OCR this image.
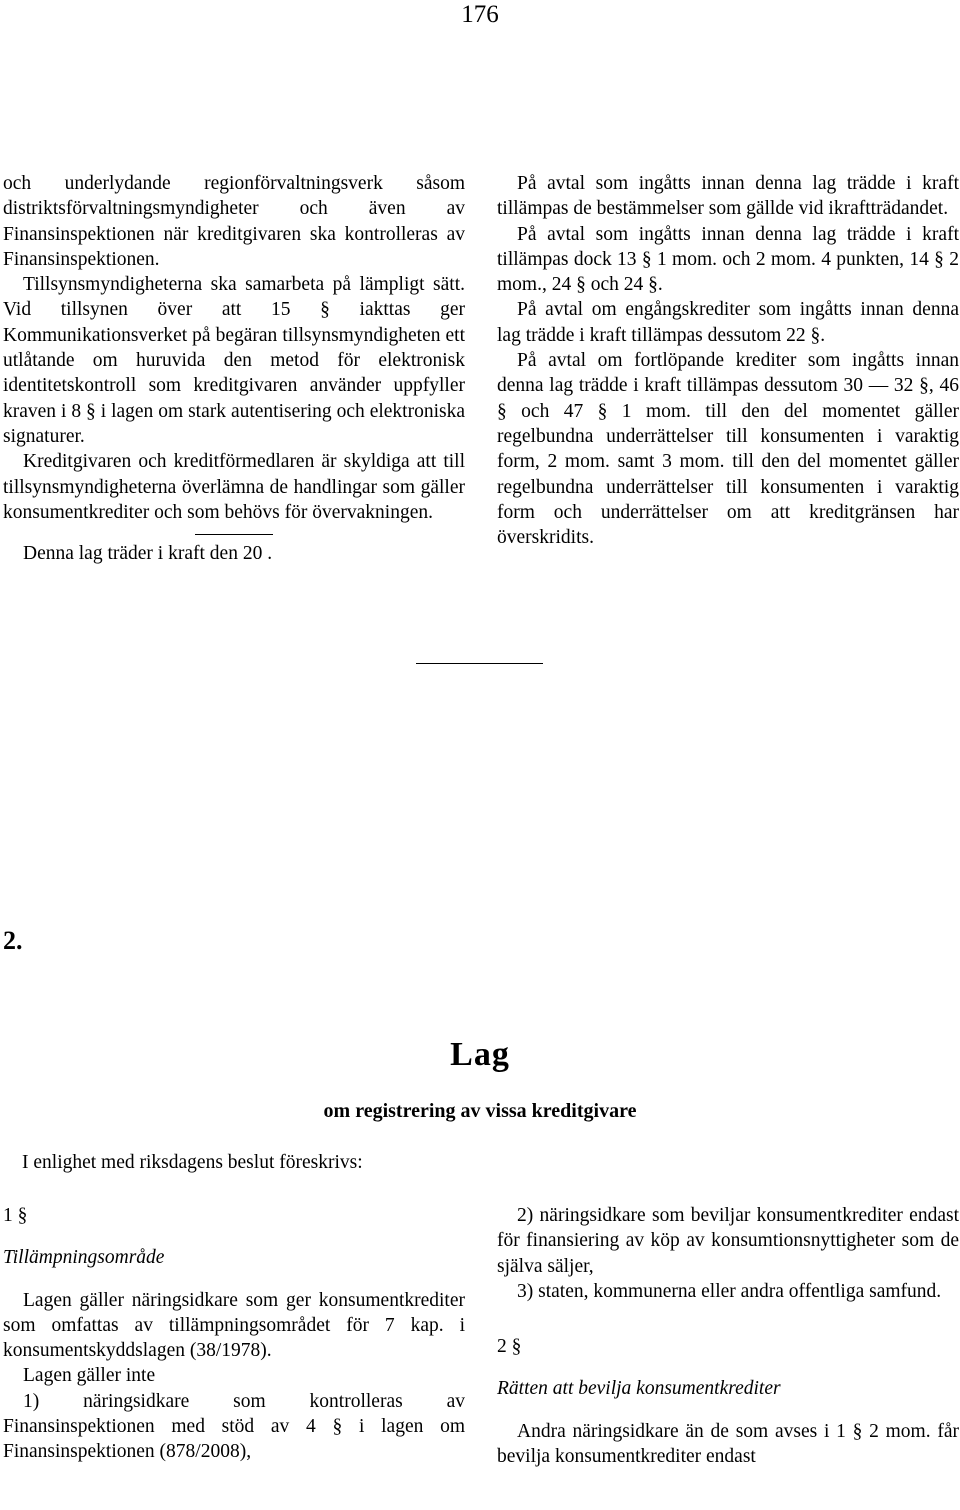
176

och underlydande regionförvaltningsverk såsom distriktsförvaltningsmyndigheter och även av Finansinspektionen när kreditgivaren ska kontrolleras av Finansinspektionen.

Tillsynsmyndigheterna ska samarbeta på lämpligt sätt. Vid tillsynen över att 15 § iakttas ger Kommunikationsverket på begäran tillsynsmyndigheten ett utlåtande om huruvida den metod för elektronisk identitetskontroll som kreditgivaren använder uppfyller kraven i 8 § i lagen om stark autentisering och elektroniska signaturer.

Kreditgivaren och kreditförmedlaren är skyldiga att till tillsynsmyndigheterna överlämna de handlingar som gäller konsumentkrediter och som behövs för övervakningen.

Denna lag träder i kraft den 20 .

På avtal som ingåtts innan denna lag trädde i kraft tillämpas de bestämmelser som gällde vid ikraftträdandet.

På avtal som ingåtts innan denna lag trädde i kraft tillämpas dock 13 § 1 mom. och 2 mom. 4 punkten, 14 § 2 mom., 24 § och 24 §.

På avtal om engångskrediter som ingåtts innan denna lag trädde i kraft tillämpas dessutom 22 §.

På avtal om fortlöpande krediter som ingåtts innan denna lag trädde i kraft tillämpas dessutom 30 — 32 §, 46 § och 47 § 1 mom. till den del momentet gäller regelbundna underrättelser till konsumenten i varaktig form, 2 mom. samt 3 mom. till den del momentet gäller regelbundna underrättelser till konsumenten i varaktig form och underrättelser om att kreditgränsen har överskridits.

2.
Lag
om registrering av vissa kreditgivare
I enlighet med riksdagens beslut föreskrivs:

1 §

Tillämpningsområde

Lagen gäller näringsidkare som ger konsumentkrediter som omfattas av tillämpningsområdet för 7 kap. i konsumentskyddslagen (38/1978).

Lagen gäller inte

1) näringsidkare som kontrolleras av Finansinspektionen med stöd av 4 § i lagen om Finansinspektionen (878/2008),

2) näringsidkare som beviljar konsumentkrediter endast för finansiering av köp av konsumtionsnyttigheter som de själva säljer,

3) staten, kommunerna eller andra offentliga samfund.

2 §

Rätten att bevilja konsumentkrediter

Andra näringsidkare än de som avses i 1 § 2 mom. får bevilja konsumentkrediter endast
